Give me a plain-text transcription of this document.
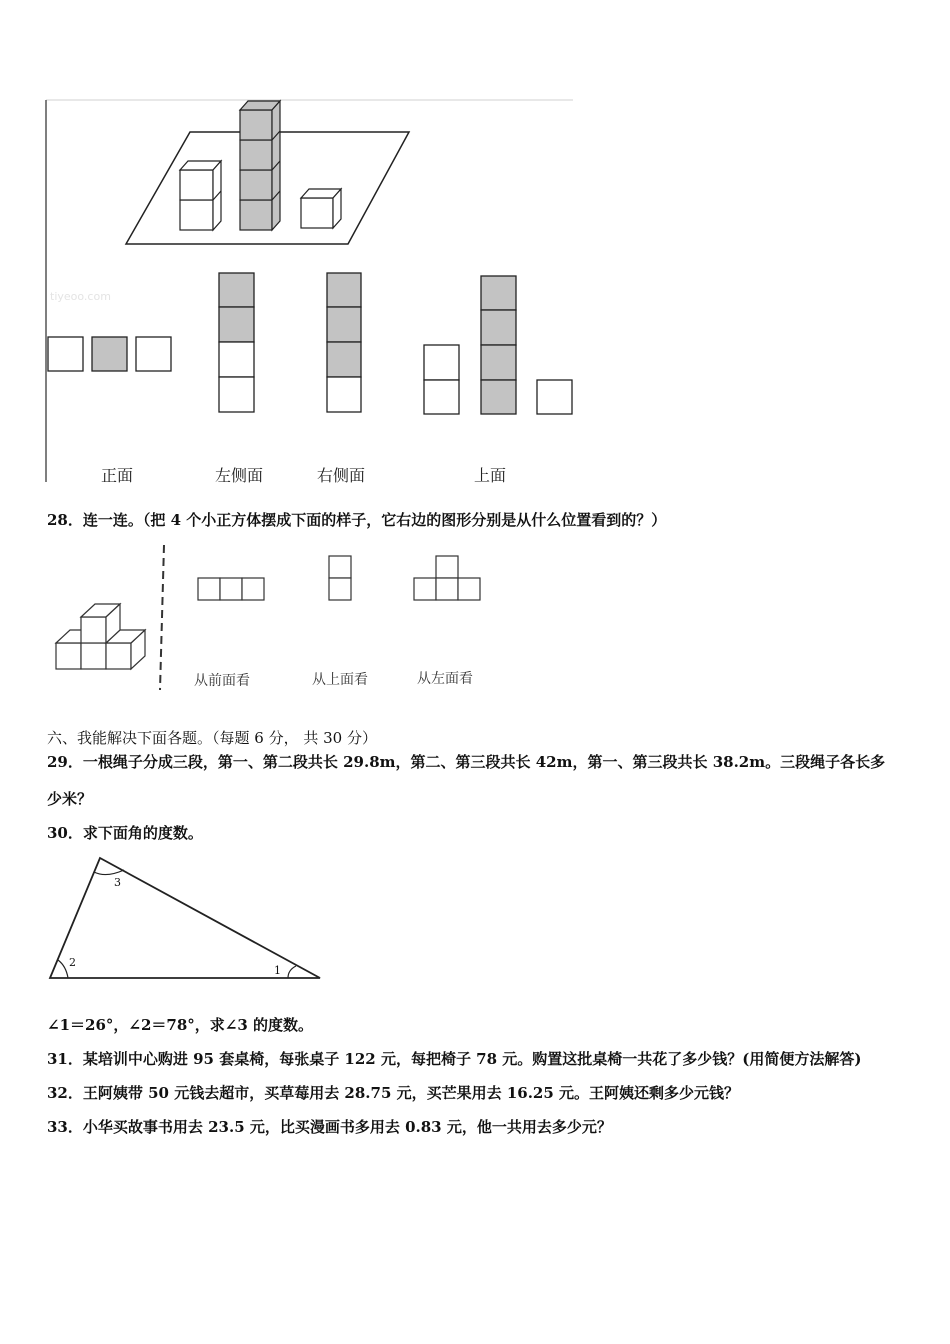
tiyeoo.com
正面	左侧面	右侧面	上面
28．连一连。（把 4 个小正方体摆成下面的样子，它右边的图形分别是从什么位置看到的？）
从前面看	从上面看	从左面看
六、我能解决下面各题。（每题 6 分， 共 30 分）
29．一根绳子分成三段，第一、第二段共长 29.8m，第二、第三段共长 42m，第一、第三段共长 38.2m。三段绳子各长多
少米？
30．求下面角的度数。
3
2
1
∠1＝26°，∠2＝78°，求∠3 的度数。
31．某培训中心购进 95 套桌椅，每张桌子 122 元，每把椅子 78 元。购置这批桌椅一共花了多少钱？(用简便方法解答)
32．王阿姨带 50 元钱去超市，买草莓用去 28.75 元，买芒果用去 16.25 元。王阿姨还剩多少元钱？
33．小华买故事书用去 23.5 元，比买漫画书多用去 0.83 元，他一共用去多少元？
